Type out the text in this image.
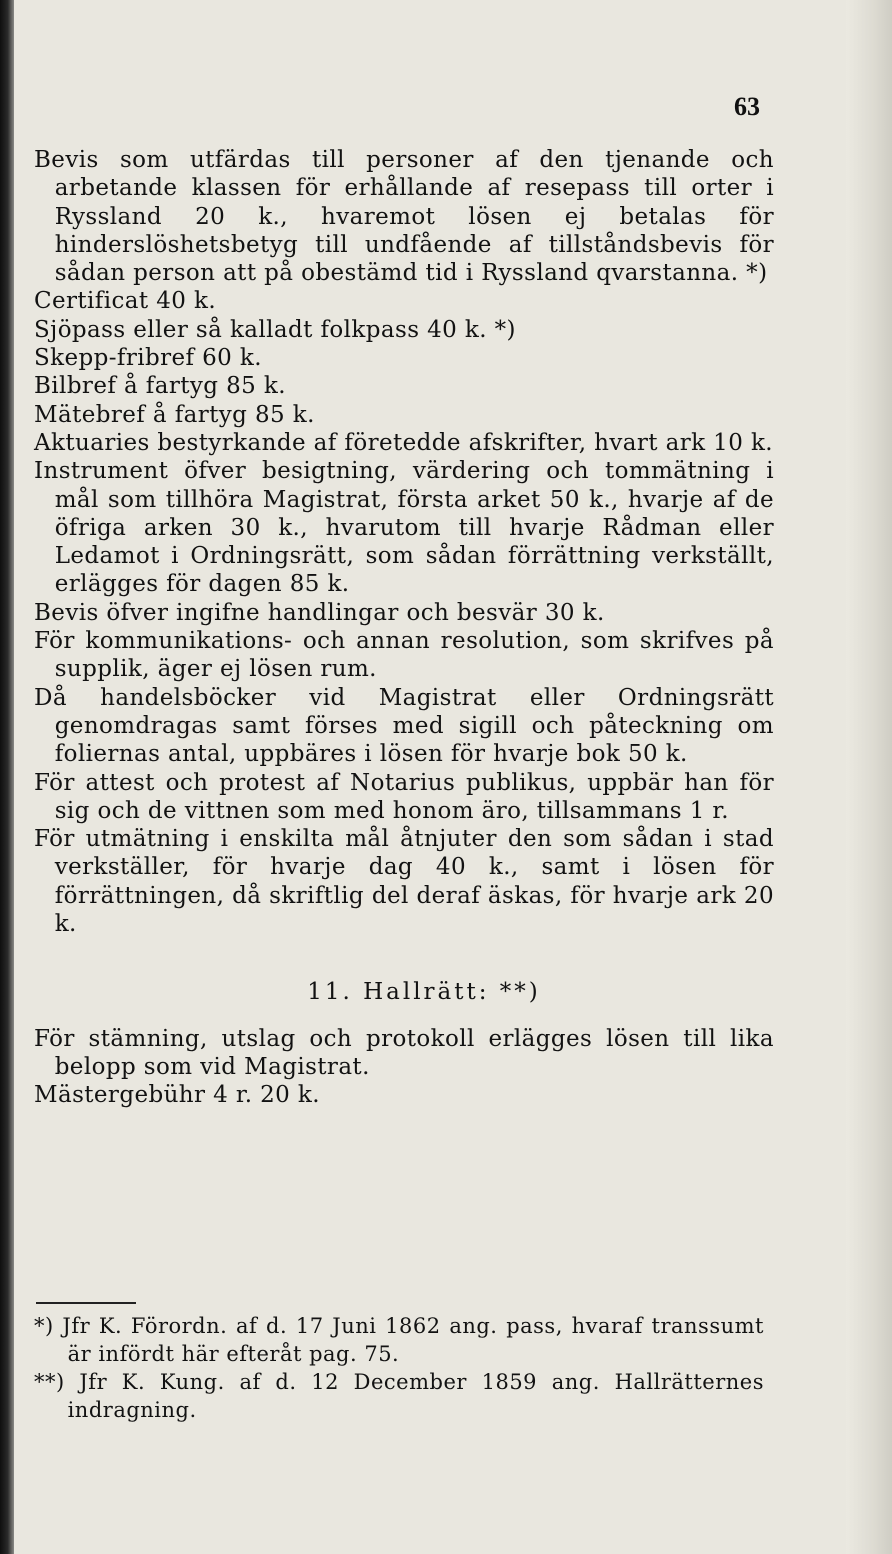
63
Bevis som utfärdas till personer af den tjenande och arbetande klassen för erhållande af resepass till orter i Ryssland 20 k., hvaremot lösen ej betalas för hinderslöshetsbetyg till undfående af tillståndsbevis för sådan person att på obestämd tid i Ryssland qvarstanna. *)
Certificat 40 k.
Sjöpass eller så kalladt folkpass 40 k. *)
Skepp-fribref 60 k.
Bilbref å fartyg 85 k.
Mätebref å fartyg 85 k.
Aktuaries bestyrkande af företedde afskrifter, hvart ark 10 k.
Instrument öfver besigtning, värdering och tommätning i mål som tillhöra Magistrat, första arket 50 k., hvarje af de öfriga arken 30 k., hvarutom till hvarje Rådman eller Ledamot i Ordningsrätt, som sådan förrättning verkställt, erlägges för dagen 85 k.
Bevis öfver ingifne handlingar och besvär 30 k.
För kommunikations- och annan resolution, som skrifves på supplik, äger ej lösen rum.
Då handelsböcker vid Magistrat eller Ordningsrätt genomdragas samt förses med sigill och påteckning om foliernas antal, uppbäres i lösen för hvarje bok 50 k.
För attest och protest af Notarius publikus, uppbär han för sig och de vittnen som med honom äro, tillsammans 1 r.
För utmätning i enskilta mål åtnjuter den som sådan i stad verkställer, för hvarje dag 40 k., samt i lösen för förrättningen, då skriftlig del deraf äskas, för hvarje ark 20 k.
11. Hallrätt: **)
För stämning, utslag och protokoll erlägges lösen till lika belopp som vid Magistrat.
Mästergebühr 4 r. 20 k.
*) Jfr K. Förordn. af d. 17 Juni 1862 ang. pass, hvaraf transsumt är infördt här efteråt pag. 75.
**) Jfr K. Kung. af d. 12 December 1859 ang. Hallrätternes indragning.
